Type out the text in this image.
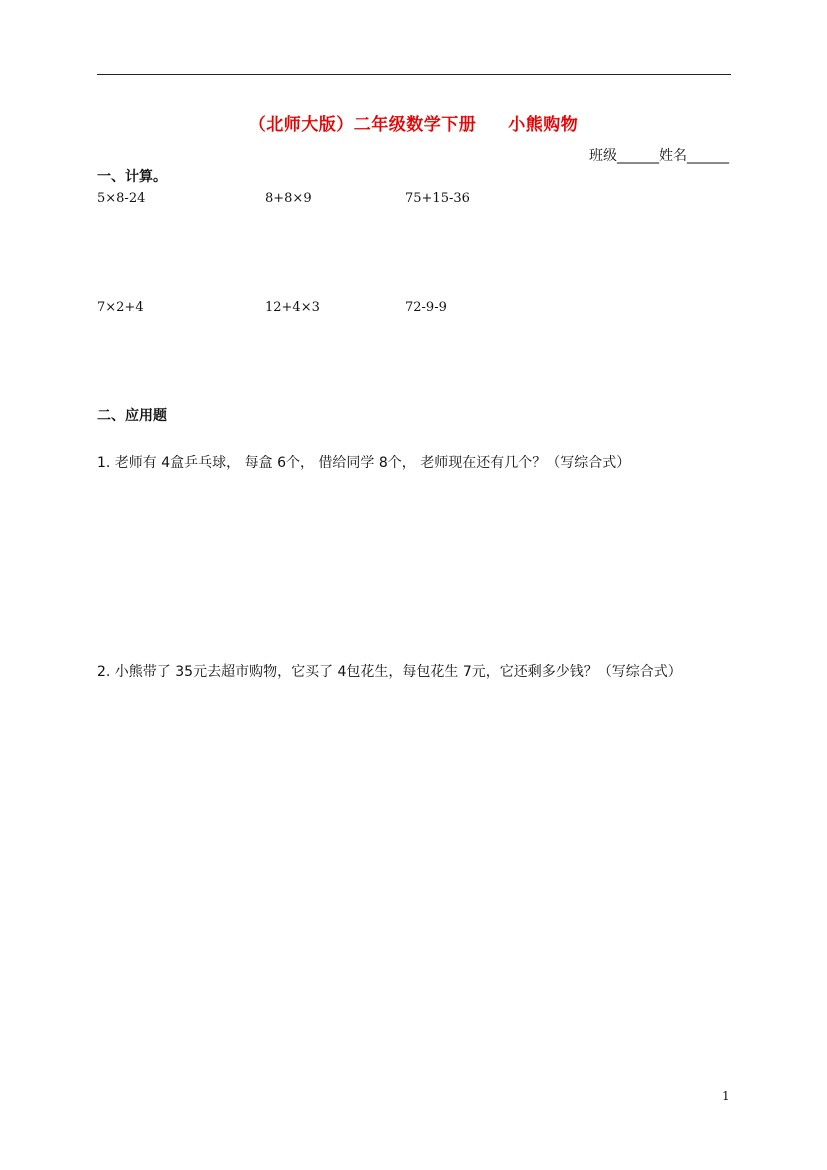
（北师大版）二年级数学下册     小熊购物
班级______姓名______
一、计算。
5×8-24	8+8×9	75+15-36
7×2+4	12+4×3	72-9-9
二、应用题
1. 老师有 4盒乒乓球， 每盒 6个， 借给同学 8个， 老师现在还有几个？（写综合式）
2. 小熊带了 35元去超市购物，它买了 4包花生，每包花生 7元，它还剩多少钱？（写综合式）
1
